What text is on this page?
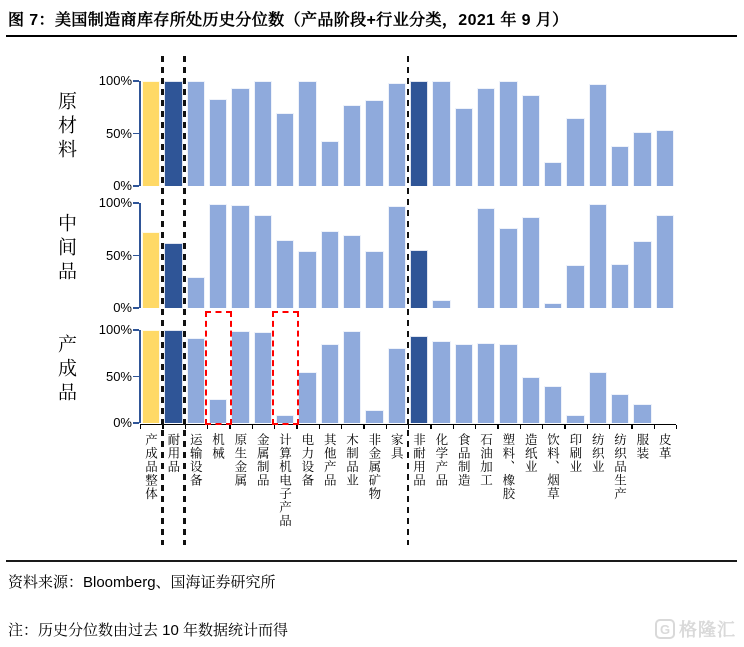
图 7：美国制造商库存所处历史分位数（产品阶段+行业分类，2021 年 9 月）
原材料
100%
50%
0%
中间品
100%
50%
0%
产成品
100%
50%
0%
产成品整体 耐用品 运输设备 机械 原生金属 金属制品 计算机电子产品 电力设备 其他产品 木制品业 非金属矿物 家具 非耐用品 化学产品 食品制造 石油加工 塑料、橡胶 造纸业 饮料、烟草 印刷业 纺织业 纺织品生产 服装 皮革
资料来源：Bloomberg、国海证券研究所
注：历史分位数由过去 10 年数据统计而得	G 格隆汇
